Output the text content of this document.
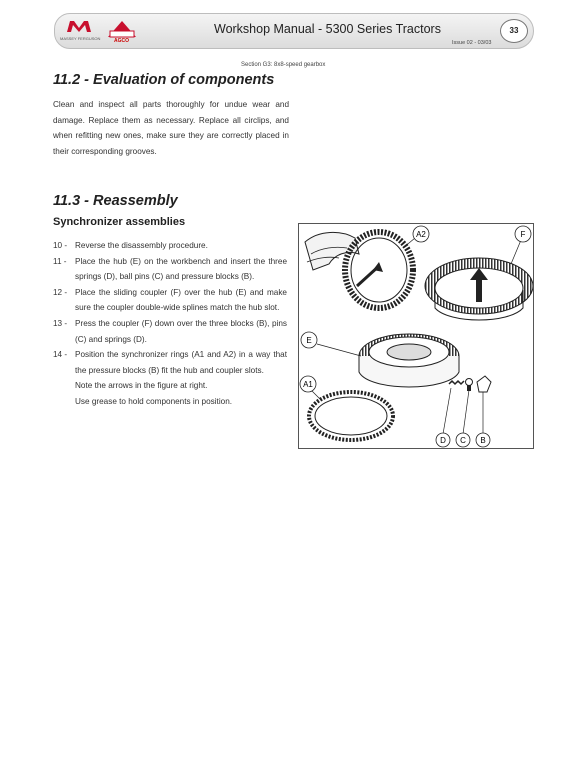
MASSEY FERGUSON	AGCO
Workshop Manual - 5300 Series Tractors
Issue 02 - 03/03
33
Section G3: 8x8-speed gearbox
11.2 - Evaluation of components
Clean and inspect all parts thoroughly for undue wear and damage. Replace them as necessary. Replace all circlips, and when refitting new ones, make sure they are correctly placed in their corresponding grooves.
11.3 - Reassembly
Synchronizer assemblies
10 - Reverse the disassembly procedure.
11 -	Place the hub (E) on the workbench and insert the three springs (D), ball pins (C) and pressure blocks (B).
12 - Place the sliding coupler (F) over the hub (E) and make sure the coupler double-wide splines match the hub slot.
13 - Press the coupler (F) down over the three blocks (B), pins (C) and springs (D).
14 - Position the synchronizer rings (A1 and A2) in a way that the pressure blocks (B) fit the hub and coupler slots.
Note the arrows in the figure at right.
Use grease to hold components in position.
A2	F
E
A1
D C B
